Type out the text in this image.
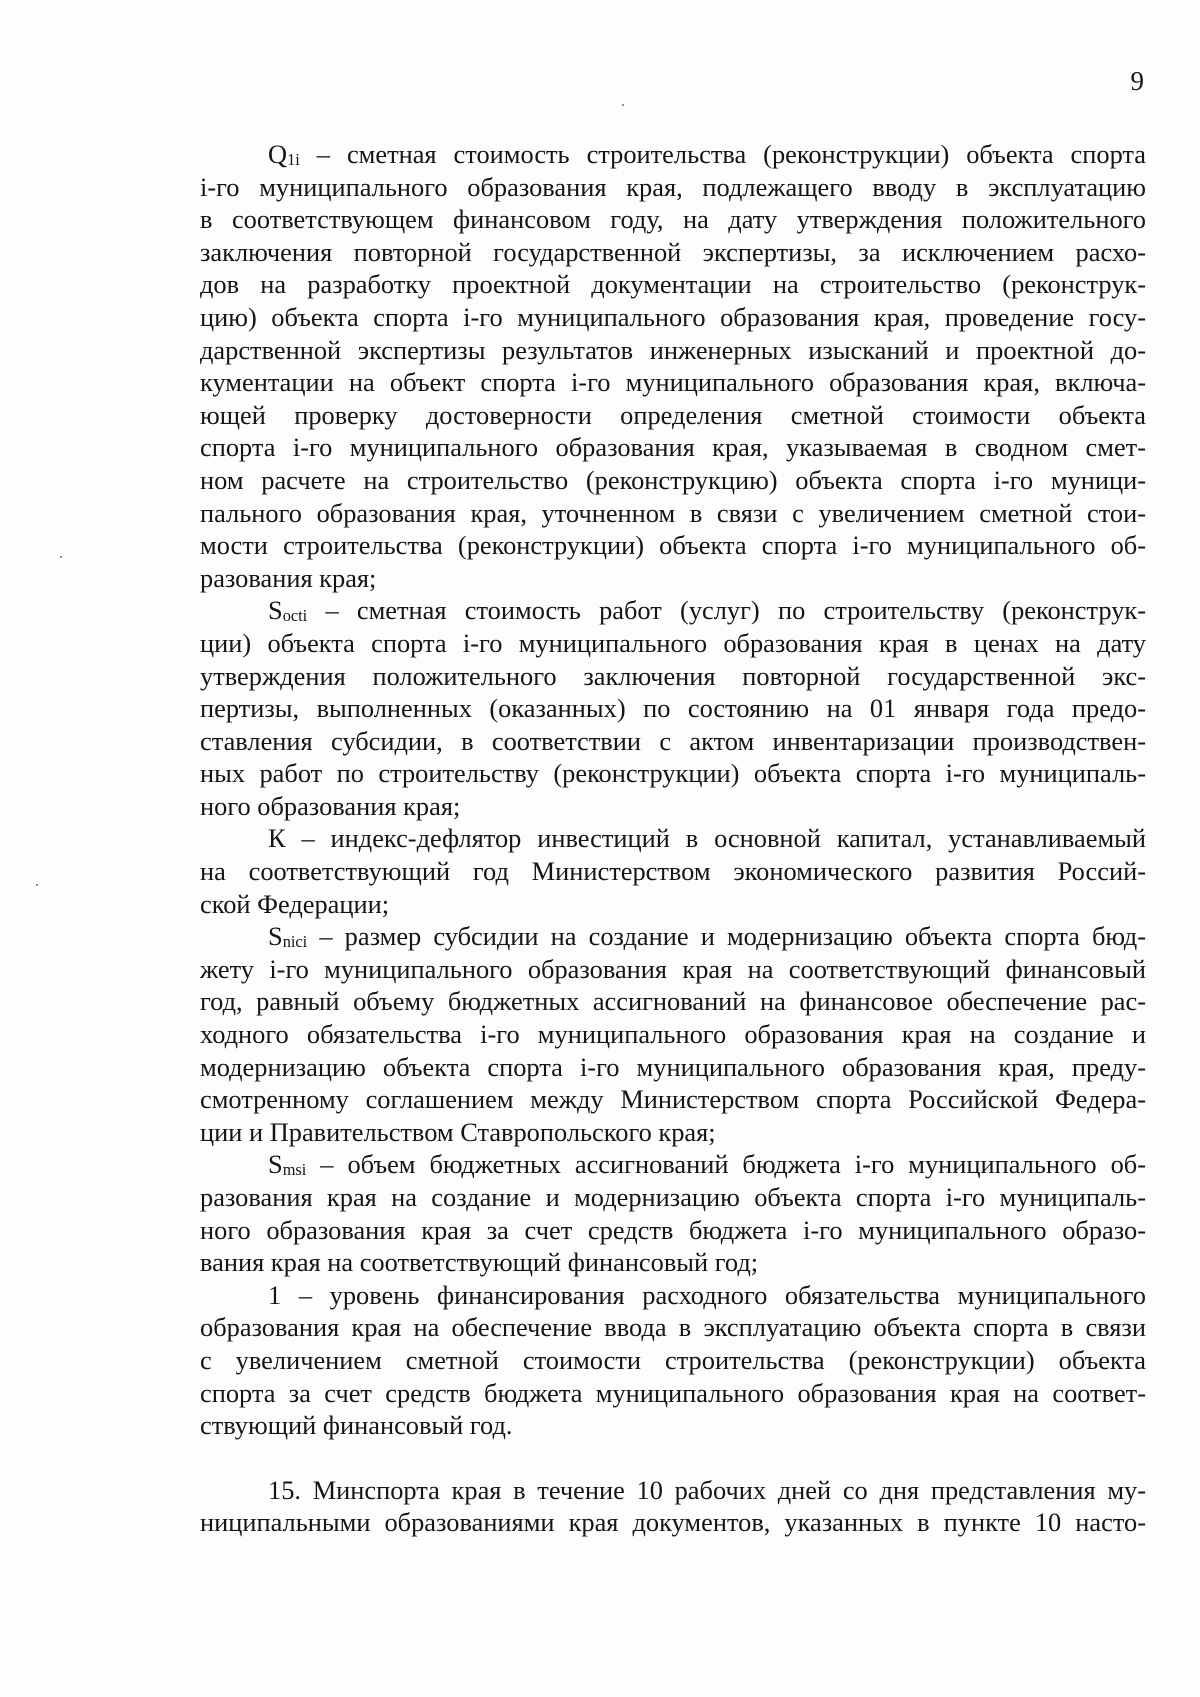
9
$Q_{1i}$ – сметная стоимость строительства (реконструкции) объекта спорта
i-го муниципального образования края, подлежащего вводу в эксплуатацию
в соответствующем финансовом году, на дату утверждения положительного
заключения повторной государственной экспертизы, за исключением расхо-
дов на разработку проектной документации на строительство (реконструк-
цию) объекта спорта i-го муниципального образования края, проведение госу-
дарственной экспертизы результатов инженерных изысканий и проектной до-
кументации на объект спорта i-го муниципального образования края, включа-
ющей проверку достоверности определения сметной стоимости объекта
спорта i-го муниципального образования края, указываемая в сводном смет-
ном расчете на строительство (реконструкцию) объекта спорта i-го муници-
пального образования края, уточненном в связи с увеличением сметной стои-
мости строительства (реконструкции) объекта спорта i-го муниципального об-
разования края;
$S_{octi}$ – сметная стоимость работ (услуг) по строительству (реконструк-
ции) объекта спорта i-го муниципального образования края в ценах на дату
утверждения положительного заключения повторной государственной экс-
пертизы, выполненных (оказанных) по состоянию на 01 января года предо-
ставления субсидии, в соответствии с актом инвентаризации производствен-
ных работ по строительству (реконструкции) объекта спорта i-го муниципаль-
ного образования края;
К – индекс-дефлятор инвестиций в основной капитал, устанавливаемый
на соответствующий год Министерством экономического развития Россий-
ской Федерации;
$S_{nici}$ – размер субсидии на создание и модернизацию объекта спорта бюд-
жету i-го муниципального образования края на соответствующий финансовый
год, равный объему бюджетных ассигнований на финансовое обеспечение рас-
ходного обязательства i-го муниципального образования края на создание и
модернизацию объекта спорта i-го муниципального образования края, преду-
смотренному соглашением между Министерством спорта Российской Федера-
ции и Правительством Ставропольского края;
$S_{msi}$ – объем бюджетных ассигнований бюджета i-го муниципального об-
разования края на создание и модернизацию объекта спорта i-го муниципаль-
ного образования края за счет средств бюджета i-го муниципального образо-
вания края на соответствующий финансовый год;
1 – уровень финансирования расходного обязательства муниципального
образования края на обеспечение ввода в эксплуатацию объекта спорта в связи
с увеличением сметной стоимости строительства (реконструкции) объекта
спорта за счет средств бюджета муниципального образования края на соответ-
ствующий финансовый год.
15. Минспорта края в течение 10 рабочих дней со дня представления му-
ниципальными образованиями края документов, указанных в пункте 10 насто-
